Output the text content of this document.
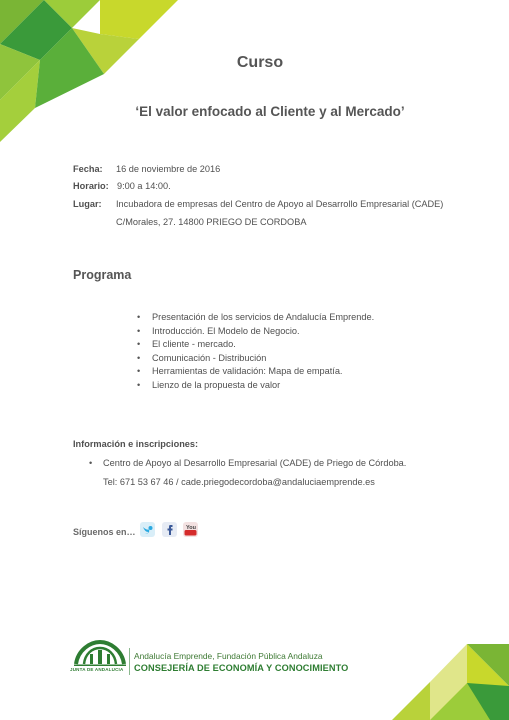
Curso
‘El valor enfocado al Cliente y al Mercado’
Fecha: 16 de noviembre de 2016
Horario: 9:00 a 14:00.
Lugar: Incubadora de empresas del Centro de Apoyo al Desarrollo Empresarial (CADE)
C/Morales, 27. 14800 PRIEGO DE CORDOBA
Programa
• Presentación de los servicios de Andalucía Emprende.
• Introducción. El Modelo de Negocio.
• El cliente - mercado.
• Comunicación - Distribución
• Herramientas de validación: Mapa de empatía.
• Lienzo de la propuesta de valor
Información e inscripciones:
• Centro de Apoyo al Desarrollo Empresarial (CADE) de Priego de Córdoba.
Tel: 671 53 67 46 / cade.priegodecordoba@andaluciaemprende.es
Síguenos en…	You
JUNTA DE ANDALUCIA
Andalucía Emprende, Fundación Pública Andaluza
CONSEJERÍA DE ECONOMÍA Y CONOCIMIENTO
